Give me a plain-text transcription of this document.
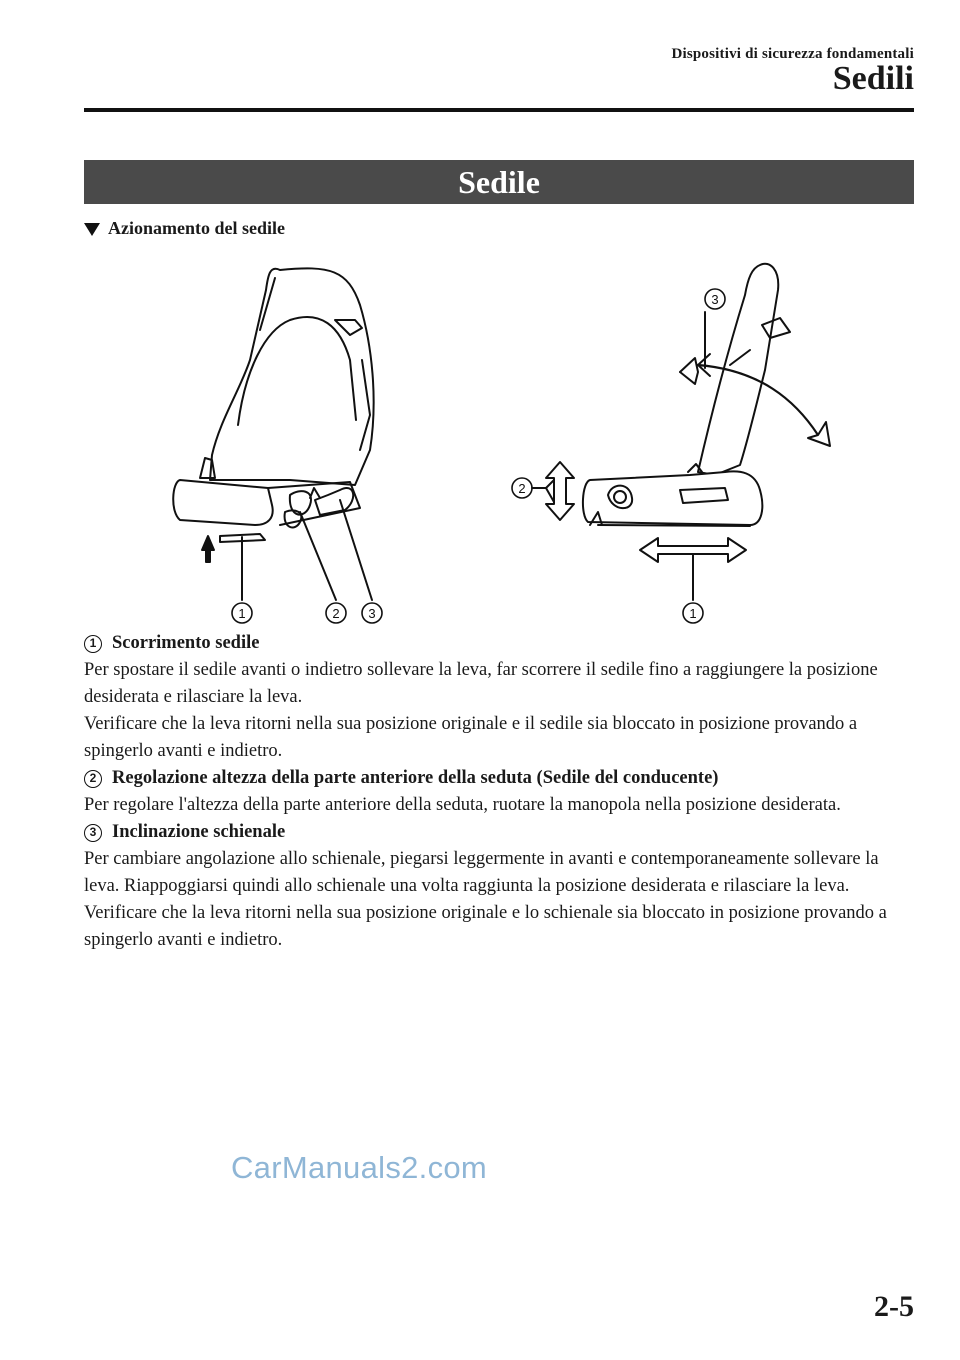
Dispositivi di sicurezza fondamentali
Sedili
Sedile
Azionamento del sedile
1	2 3	1
2
3
1 Scorrimento sedile

Per spostare il sedile avanti o indietro sollevare la leva, far scorrere il sedile fino a raggiungere la posizione desiderata e rilasciare la leva.

Verificare che la leva ritorni nella sua posizione originale e il sedile sia bloccato in posizione provando a spingerlo avanti e indietro.

2 Regolazione altezza della parte anteriore della seduta (Sedile del conducente)

Per regolare l'altezza della parte anteriore della seduta, ruotare la manopola nella posizione desiderata.

3 Inclinazione schienale

Per cambiare angolazione allo schienale, piegarsi leggermente in avanti e contemporaneamente sollevare la leva. Riappoggiarsi quindi allo schienale una volta raggiunta la posizione desiderata e rilasciare la leva.

Verificare che la leva ritorni nella sua posizione originale e lo schienale sia bloccato in posizione provando a spingerlo avanti e indietro.

CarManuals2.com
2-5
